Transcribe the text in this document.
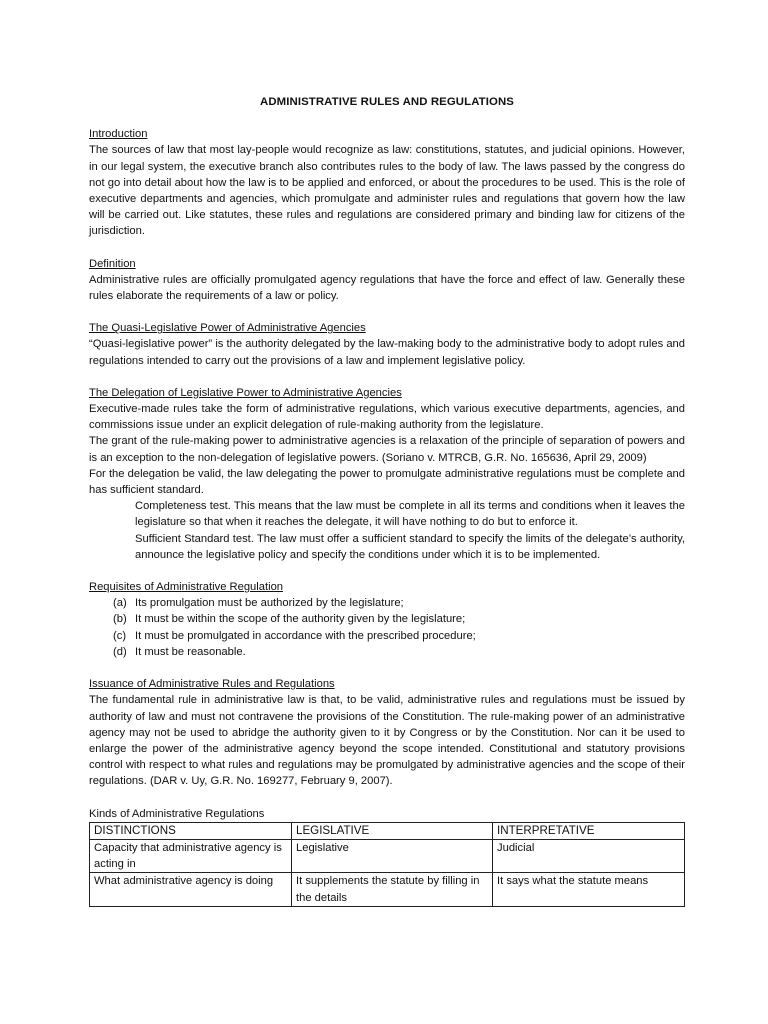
ADMINISTRATIVE RULES AND REGULATIONS
Introduction

The sources of law that most lay-people would recognize as law: constitutions, statutes, and judicial opinions. However, in our legal system, the executive branch also contributes rules to the body of law. The laws passed by the congress do not go into detail about how the law is to be applied and enforced, or about the procedures to be used. This is the role of executive departments and agencies, which promulgate and administer rules and regulations that govern how the law will be carried out. Like statutes, these rules and regulations are considered primary and binding law for citizens of the jurisdiction.

Definition

Administrative rules are officially promulgated agency regulations that have the force and effect of law. Generally these rules elaborate the requirements of a law or policy.

The Quasi-Legislative Power of Administrative Agencies

“Quasi-legislative power” is the authority delegated by the law-making body to the administrative body to adopt rules and regulations intended to carry out the provisions of a law and implement legislative policy.

The Delegation of Legislative Power to Administrative Agencies

Executive-made rules take the form of administrative regulations, which various executive departments, agencies, and commissions issue under an explicit delegation of rule-making authority from the legislature.

The grant of the rule-making power to administrative agencies is a relaxation of the principle of separation of powers and is an exception to the non-delegation of legislative powers. (Soriano v. MTRCB, G.R. No. 165636, April 29, 2009)

For the delegation be valid, the law delegating the power to promulgate administrative regulations must be complete and has sufficient standard.

Completeness test. This means that the law must be complete in all its terms and conditions when it leaves the legislature so that when it reaches the delegate, it will have nothing to do but to enforce it.

Sufficient Standard test. The law must offer a sufficient standard to specify the limits of the delegate’s authority, announce the legislative policy and specify the conditions under which it is to be implemented.

Requisites of Administrative Regulation
(a) Its promulgation must be authorized by the legislature;
(b) It must be within the scope of the authority given by the legislature;
(c) It must be promulgated in accordance with the prescribed procedure;
(d) It must be reasonable.
Issuance of Administrative Rules and Regulations

The fundamental rule in administrative law is that, to be valid, administrative rules and regulations must be issued by authority of law and must not contravene the provisions of the Constitution. The rule-making power of an administrative agency may not be used to abridge the authority given to it by Congress or by the Constitution. Nor can it be used to enlarge the power of the administrative agency beyond the scope intended. Constitutional and statutory provisions control with respect to what rules and regulations may be promulgated by administrative agencies and the scope of their regulations. (DAR v. Uy, G.R. No. 169277, February 9, 2007).

Kinds of Administrative Regulations
DISTINCTIONS	LEGISLATIVE	INTERPRETATIVE
Capacity that administrative agency is acting in	Legislative	Judicial
What administrative agency is doing	It supplements the statute by filling in the details	It says what the statute means
